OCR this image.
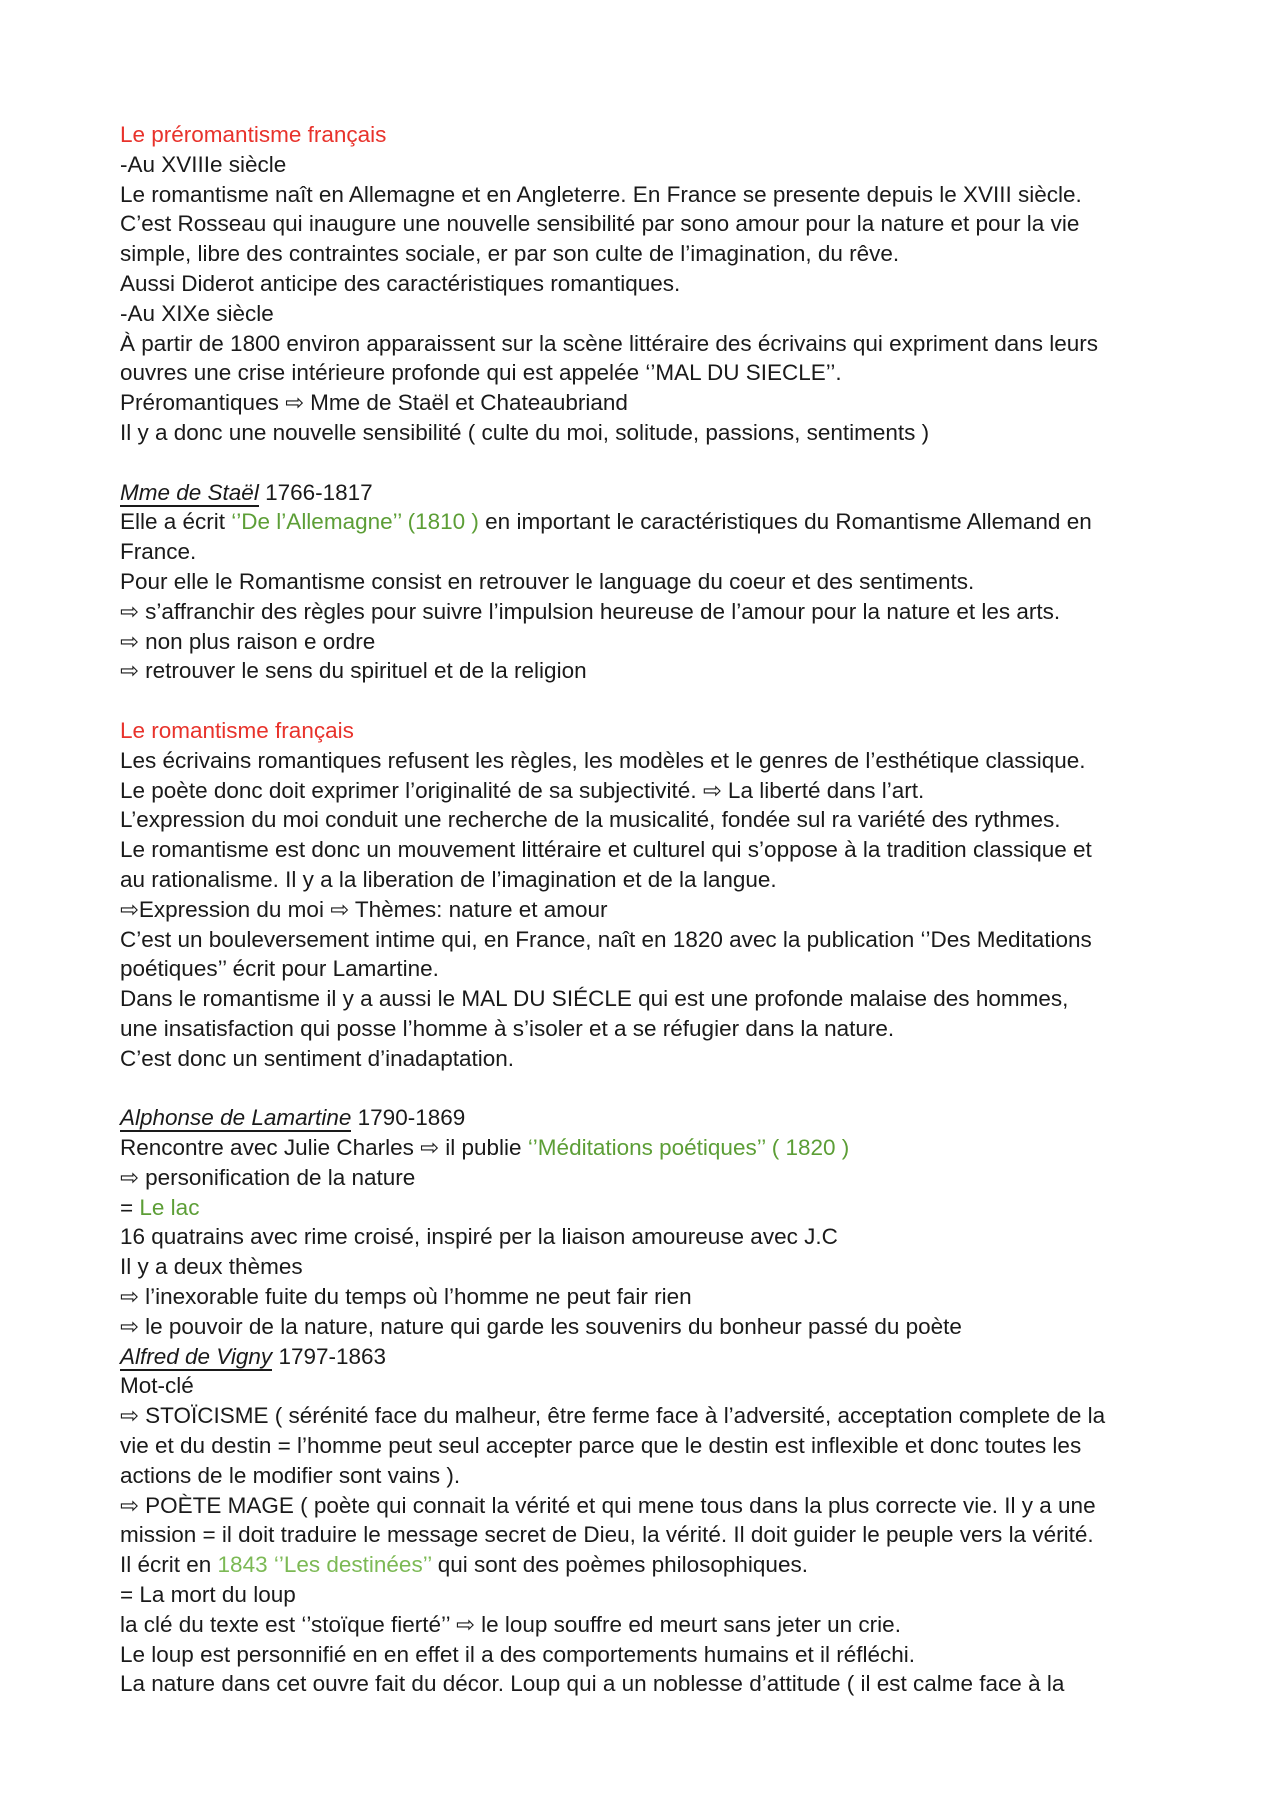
Le préromantisme français

-Au XVIIIe siècle

Le romantisme naît en Allemagne et en Angleterre. En France se presente depuis le XVIII siècle.

C’est Rosseau qui inaugure une nouvelle sensibilité par sono amour pour la nature et pour la vie

simple, libre des contraintes sociale, er par son culte de l’imagination, du rêve.

Aussi Diderot anticipe des caractéristiques romantiques.

-Au XIXe siècle

À partir de 1800 environ apparaissent sur la scène littéraire des écrivains qui expriment dans leurs

ouvres une crise intérieure profonde qui est appelée ‘’MAL DU SIECLE’’.

Préromantiques ⇨ Mme de Staël et Chateaubriand

Il y a donc une nouvelle sensibilité ( culte du moi, solitude, passions, sentiments )

Mme de Staël 1766-1817

Elle a écrit ‘’De l’Allemagne’’ (1810 ) en important le caractéristiques du Romantisme Allemand en

France.

Pour elle le Romantisme consist en retrouver le language du coeur et des sentiments.

⇨ s’affranchir des règles pour suivre l’impulsion heureuse de l’amour pour la nature et les arts.

⇨ non plus raison e ordre

⇨ retrouver le sens du spirituel et de la religion

Le romantisme français

Les écrivains romantiques refusent les règles, les modèles et le genres de l’esthétique classique.

Le poète donc doit exprimer l’originalité de sa subjectivité. ⇨ La liberté dans l’art.

L’expression du moi conduit une recherche de la musicalité, fondée sul ra variété des rythmes.

Le romantisme est donc un mouvement littéraire et culturel qui s’oppose à la tradition classique et

au rationalisme. Il y a la liberation de l’imagination et de la langue.

⇨Expression du moi ⇨ Thèmes: nature et amour

C’est un bouleversement intime qui, en France, naît en 1820 avec la publication ‘’Des Meditations

poétiques’’ écrit pour Lamartine.

Dans le romantisme il y a aussi le MAL DU SIÉCLE qui est une profonde malaise des hommes,

une insatisfaction qui posse l’homme à s’isoler et a se réfugier dans la nature.

C’est donc un sentiment d’inadaptation.

Alphonse de Lamartine 1790-1869

Rencontre avec Julie Charles ⇨ il publie ‘’Méditations poétiques’’ ( 1820 )

⇨ personification de la nature

= Le lac

16 quatrains avec rime croisé, inspiré per la liaison amoureuse avec J.C

Il y a deux thèmes

⇨ l’inexorable fuite du temps où l’homme ne peut fair rien

⇨ le pouvoir de la nature, nature qui garde les souvenirs du bonheur passé du poète

Alfred de Vigny 1797-1863

Mot-clé

⇨ STOÏCISME ( sérénité face du malheur, être ferme face à l’adversité, acceptation complete de la

vie et du destin = l’homme peut seul accepter parce que le destin est inflexible et donc toutes les

actions de le modifier sont vains ).

⇨ POÈTE MAGE ( poète qui connait la vérité et qui mene tous dans la plus correcte vie. Il y a une

mission = il doit traduire le message secret de Dieu, la vérité. Il doit guider le peuple vers la vérité.

Il écrit en 1843 ‘’Les destinées’’ qui sont des poèmes philosophiques.

= La mort du loup

la clé du texte est ‘’stoïque fierté’’ ⇨ le loup souffre ed meurt sans jeter un crie.

Le loup est personnifié en en effet il a des comportements humains et il réfléchi.

La nature dans cet ouvre fait du décor. Loup qui a un noblesse d’attitude ( il est calme face à la
